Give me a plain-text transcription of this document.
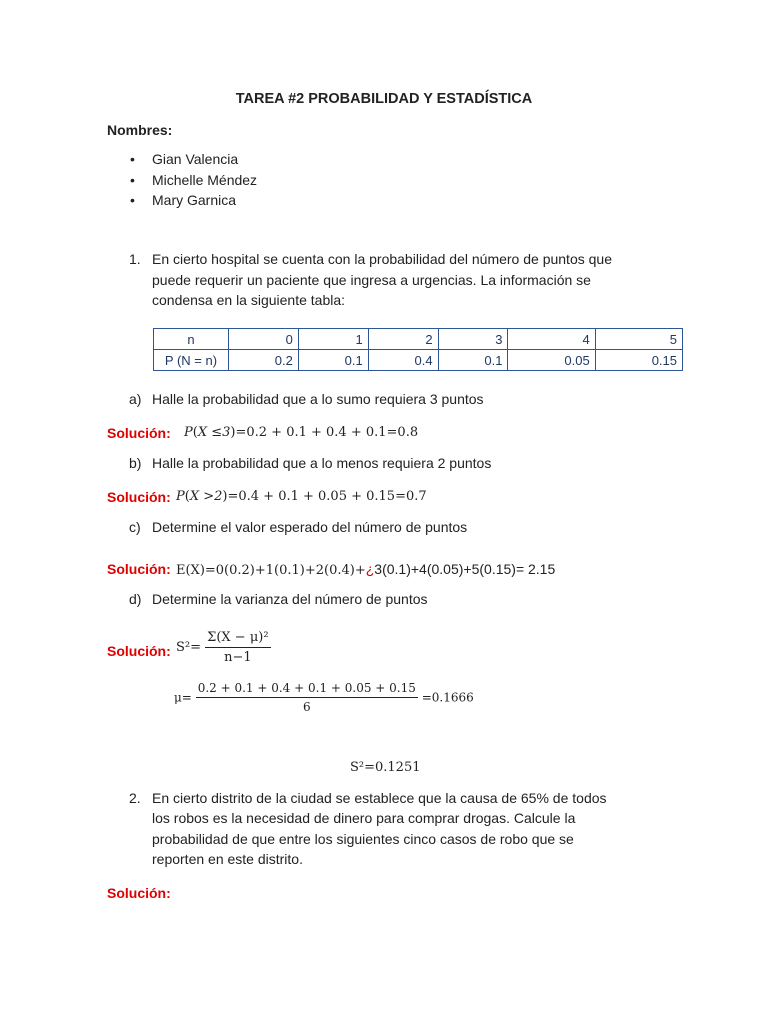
TAREA #2 PROBABILIDAD Y ESTADÍSTICA
Nombres:
• Gian Valencia
• Michelle Méndez
• Mary Garnica
1. En cierto hospital se cuenta con la probabilidad del número de puntos que
puede requerir un paciente que ingresa a urgencias. La información se
condensa en la siguiente tabla:
n	0	1	2	3	4	5
P (N = n)	0.2	0.1	0.4	0.1	0.05	0.15
a) Halle la probabilidad que a lo sumo requiera 3 puntos
Solución: P(X ≤3)=0.2 + 0.1 + 0.4 + 0.1=0.8
b) Halle la probabilidad que a lo menos requiera 2 puntos
Solución: P(X >2)=0.4 + 0.1 + 0.05 + 0.15=0.7
c) Determine el valor esperado del número de puntos
Solución: E(X)=0(0.2)+1(0.1)+2(0.4)+¿3(0.1)+4(0.05)+5(0.15)= 2.15
d) Determine la varianza del número de puntos
Solución: $S^2= \frac{\text{Σ(X − μ)²}}{n-1}$
$\mu= \frac{0.2 + 0.1 + 0.4 + 0.1 + 0.05 + 0.15}{6} =0.1666$
S²=0.1251
2. En cierto distrito de la ciudad se establece que la causa de 65% de todos
los robos es la necesidad de dinero para comprar drogas. Calcule la
probabilidad de que entre los siguientes cinco casos de robo que se
reporten en este distrito.
Solución:
